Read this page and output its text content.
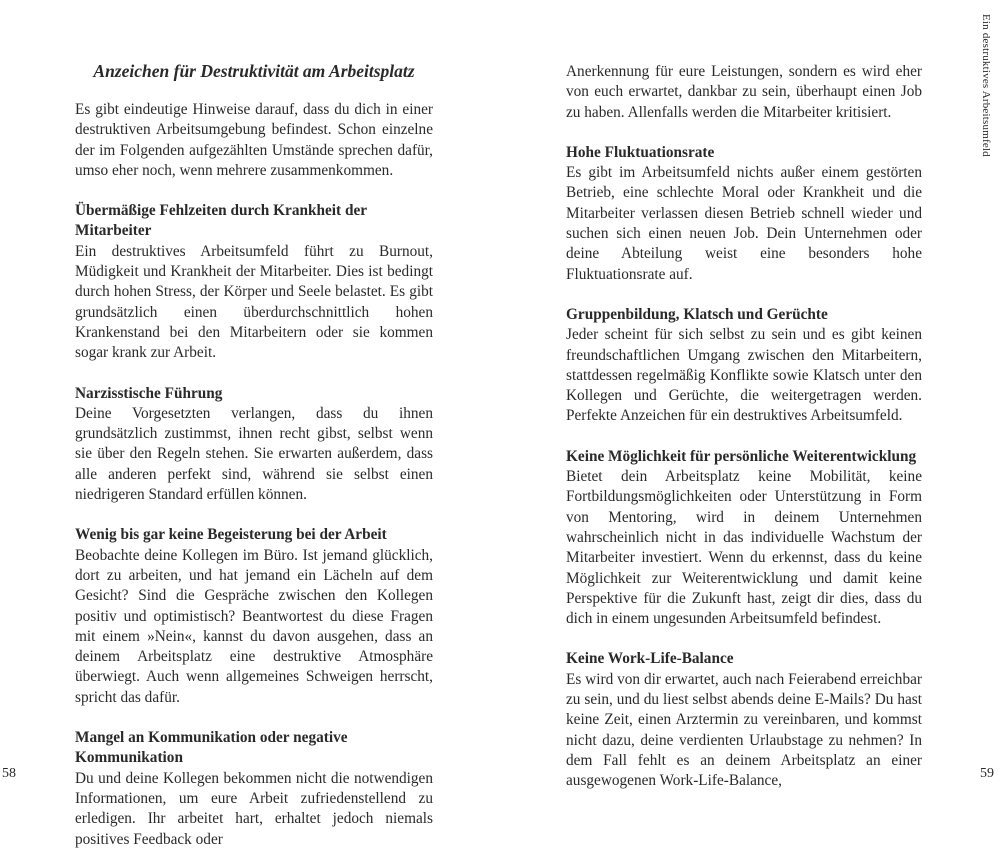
Anzeichen für Destruktivität am Arbeitsplatz

Es gibt eindeutige Hinweise darauf, dass du dich in einer destruktiven Arbeitsumgebung befindest. Schon einzelne der im Folgenden aufgezählten Umstände sprechen dafür, umso eher noch, wenn mehrere zusammenkommen.

Übermäßige Fehlzeiten durch Krankheit der Mitarbeiter

Ein destruktives Arbeitsumfeld führt zu Burnout, Müdigkeit und Krankheit der Mitarbeiter. Dies ist bedingt durch hohen Stress, der Körper und Seele belastet. Es gibt grundsätzlich einen überdurchschnittlich hohen Krankenstand bei den Mitarbeitern oder sie kommen sogar krank zur Arbeit.

Narzisstische Führung

Deine Vorgesetzten verlangen, dass du ihnen grundsätzlich zustimmst, ihnen recht gibst, selbst wenn sie über den Regeln stehen. Sie erwarten außerdem, dass alle anderen perfekt sind, während sie selbst einen niedrigeren Standard erfüllen können.

Wenig bis gar keine Begeisterung bei der Arbeit

Beobachte deine Kollegen im Büro. Ist jemand glücklich, dort zu arbeiten, und hat jemand ein Lächeln auf dem Gesicht? Sind die Gespräche zwischen den Kollegen positiv und optimistisch? Beantwortest du diese Fragen mit einem »Nein«, kannst du davon ausgehen, dass an deinem Arbeitsplatz eine destruktive Atmosphäre überwiegt. Auch wenn allgemeines Schweigen herrscht, spricht das dafür.

Mangel an Kommunikation oder negative Kommunikation

Du und deine Kollegen bekommen nicht die notwendigen Informationen, um eure Arbeit zufriedenstellend zu erledigen. Ihr arbeitet hart, erhaltet jedoch niemals positives Feedback oder

58

Anerkennung für eure Leistungen, sondern es wird eher von euch erwartet, dankbar zu sein, überhaupt einen Job zu haben. Allenfalls werden die Mitarbeiter kritisiert.

Hohe Fluktuationsrate

Es gibt im Arbeitsumfeld nichts außer einem gestörten Betrieb, eine schlechte Moral oder Krankheit und die Mitarbeiter verlassen diesen Betrieb schnell wieder und suchen sich einen neuen Job. Dein Unternehmen oder deine Abteilung weist eine besonders hohe Fluktuationsrate auf.

Gruppenbildung, Klatsch und Gerüchte

Jeder scheint für sich selbst zu sein und es gibt keinen freundschaftlichen Umgang zwischen den Mitarbeitern, stattdessen regelmäßig Konflikte sowie Klatsch unter den Kollegen und Gerüchte, die weitergetragen werden. Perfekte Anzeichen für ein destruktives Arbeitsumfeld.

Keine Möglichkeit für persönliche Weiterentwicklung

Bietet dein Arbeitsplatz keine Mobilität, keine Fortbildungsmöglichkeiten oder Unterstützung in Form von Mentoring, wird in deinem Unternehmen wahrscheinlich nicht in das individuelle Wachstum der Mitarbeiter investiert. Wenn du erkennst, dass du keine Möglichkeit zur Weiterentwicklung und damit keine Perspektive für die Zukunft hast, zeigt dir dies, dass du dich in einem ungesunden Arbeitsumfeld befindest.

Keine Work-Life-Balance

Es wird von dir erwartet, auch nach Feierabend erreichbar zu sein, und du liest selbst abends deine E-Mails? Du hast keine Zeit, einen Arztermin zu vereinbaren, und kommst nicht dazu, deine verdienten Urlaubstage zu nehmen? In dem Fall fehlt es an deinem Arbeitsplatz an einer ausgewogenen Work-Life-Balance,

Ein destruktives Arbeitsumfeld
59
